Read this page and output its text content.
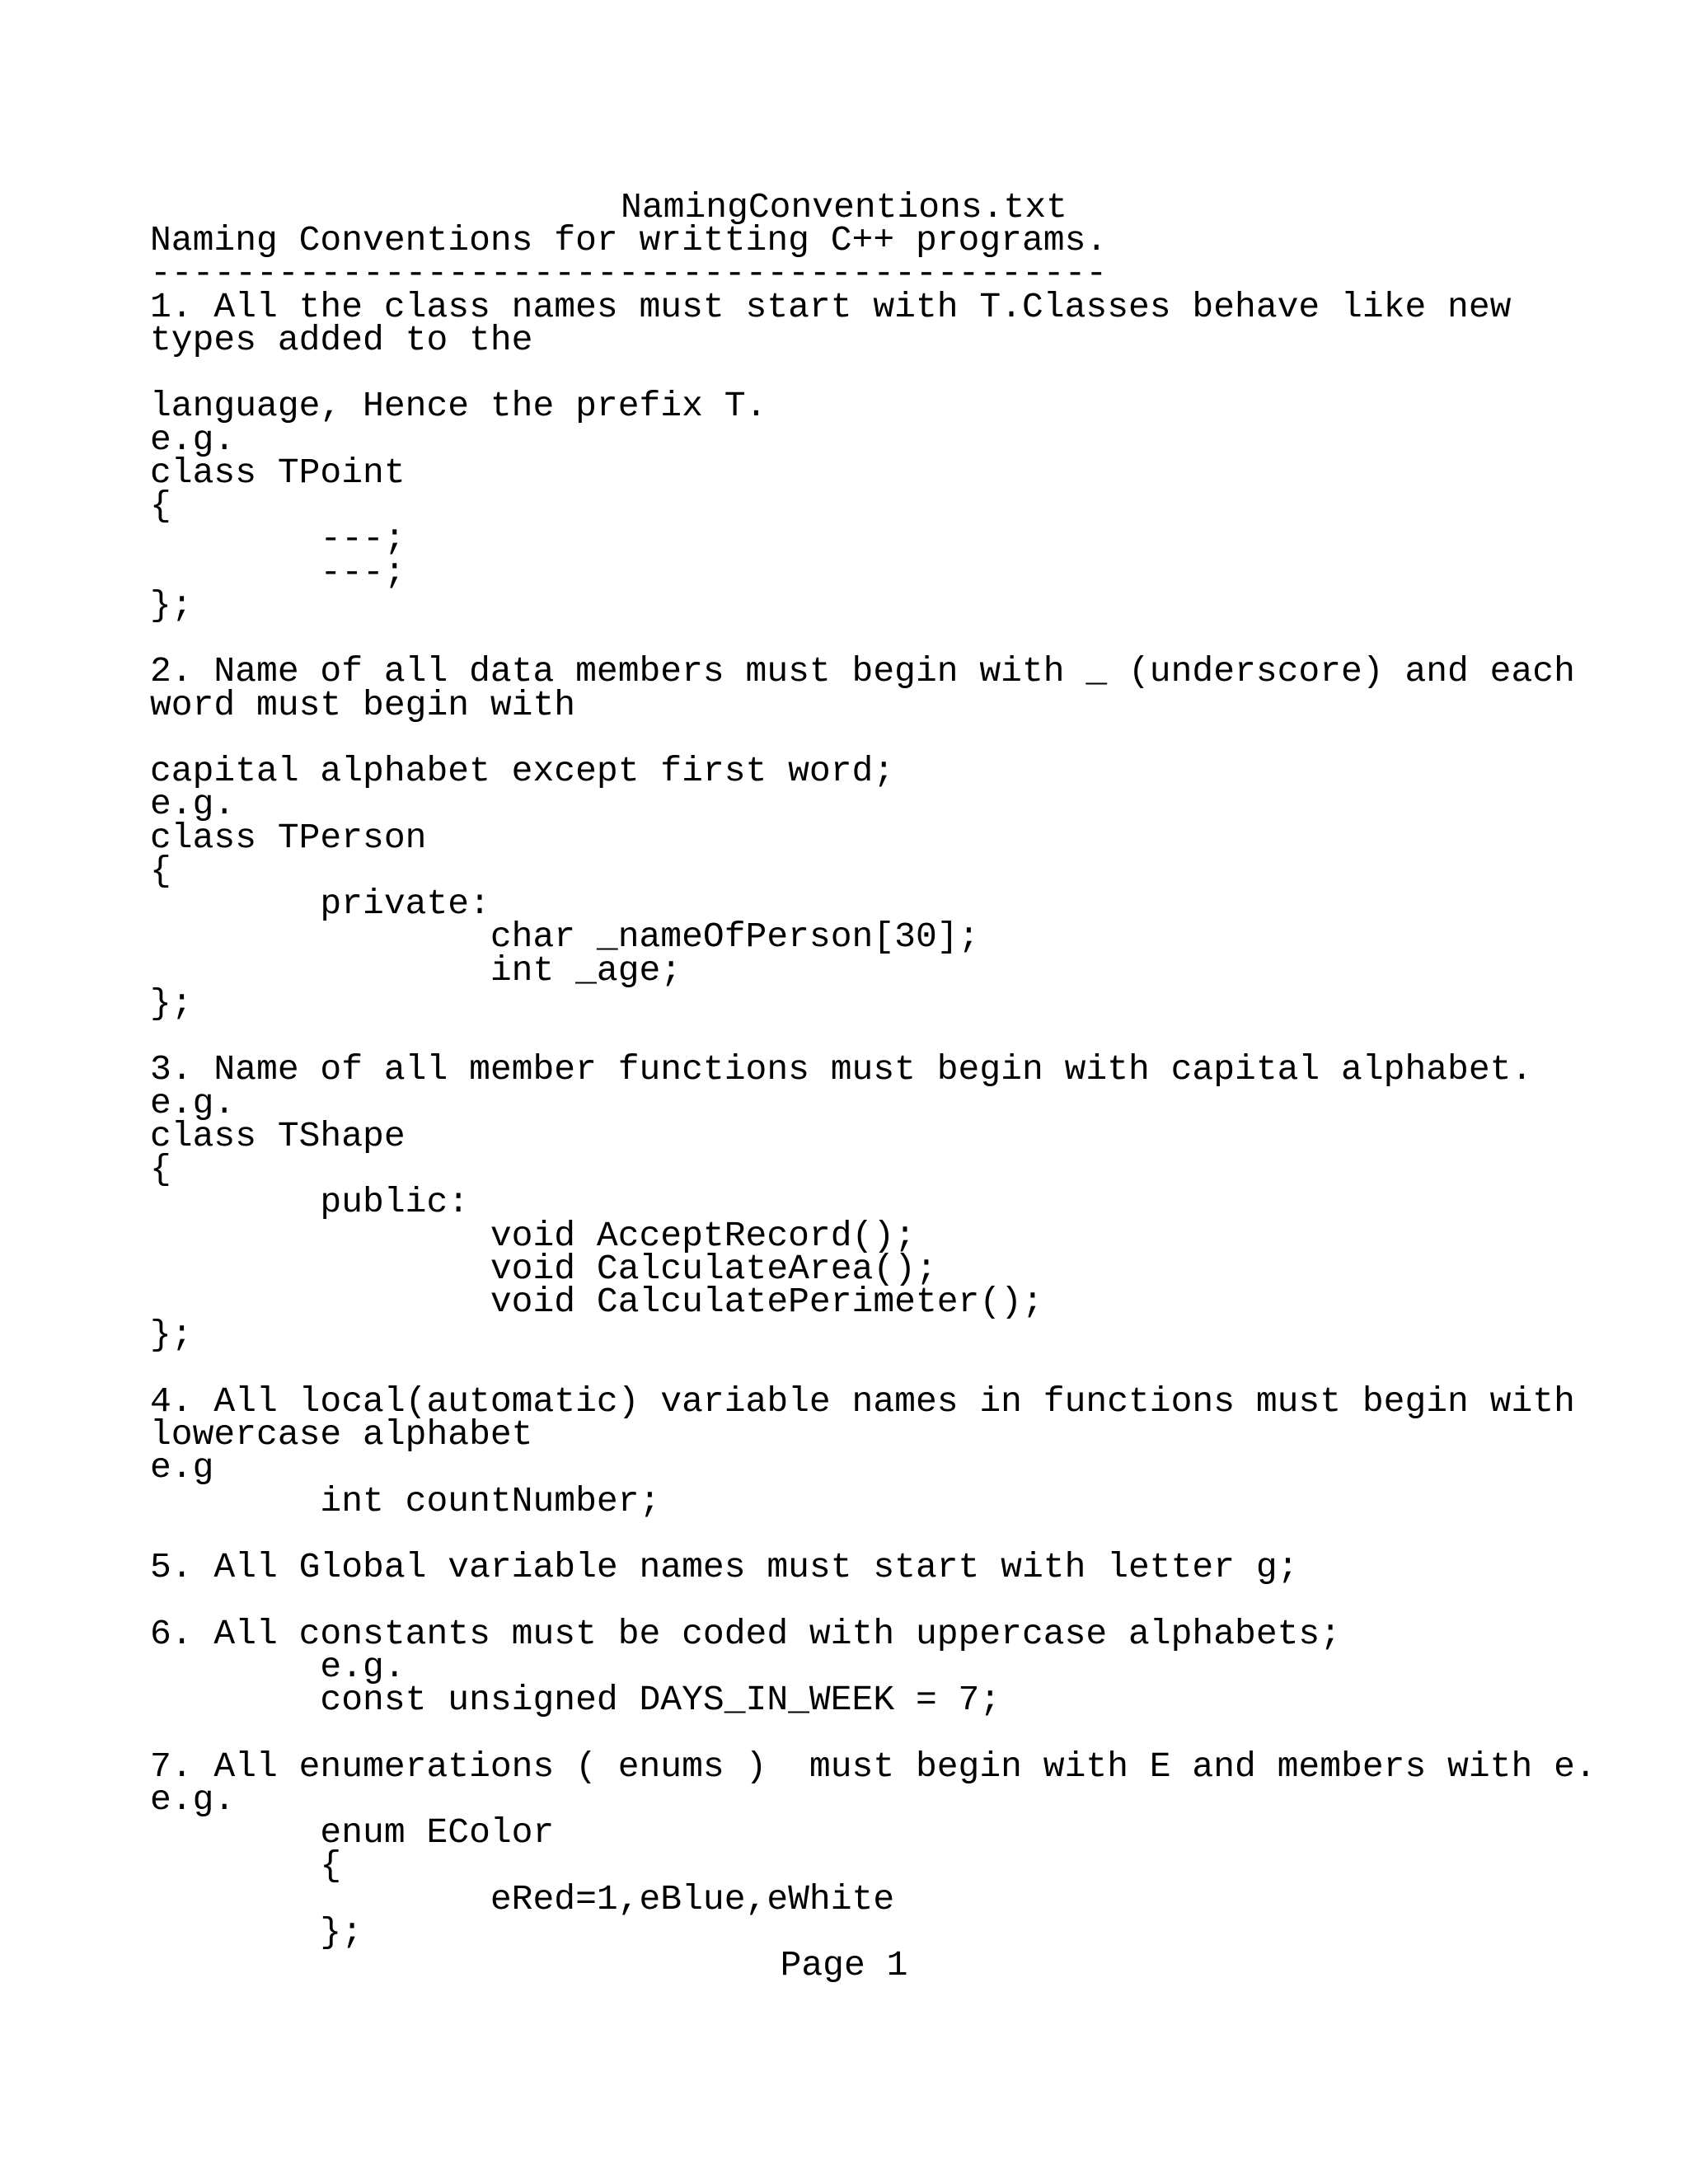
NamingConventions.txt
Naming Conventions for writting C++ programs.
---------------------------------------------
1. All the class names must start with T.Classes behave like new
types added to the
language, Hence the prefix T.
e.g.
class TPoint
{
---;
---;
};
2. Name of all data members must begin with _ (underscore) and each
word must begin with
capital alphabet except first word;
e.g.
class TPerson
{
private:
char _nameOfPerson[30];
int _age;
};
3. Name of all member functions must begin with capital alphabet.
e.g.
class TShape
{
public:
void AcceptRecord();
void CalculateArea();
void CalculatePerimeter();
};
4. All local(automatic) variable names in functions must begin with
lowercase alphabet
e.g
int countNumber;
5. All Global variable names must start with letter g;
6. All constants must be coded with uppercase alphabets;
e.g.
const unsigned DAYS_IN_WEEK = 7;
7. All enumerations ( enums )  must begin with E and members with e.
e.g.
enum EColor
{
eRed=1,eBlue,eWhite
};
Page 1
